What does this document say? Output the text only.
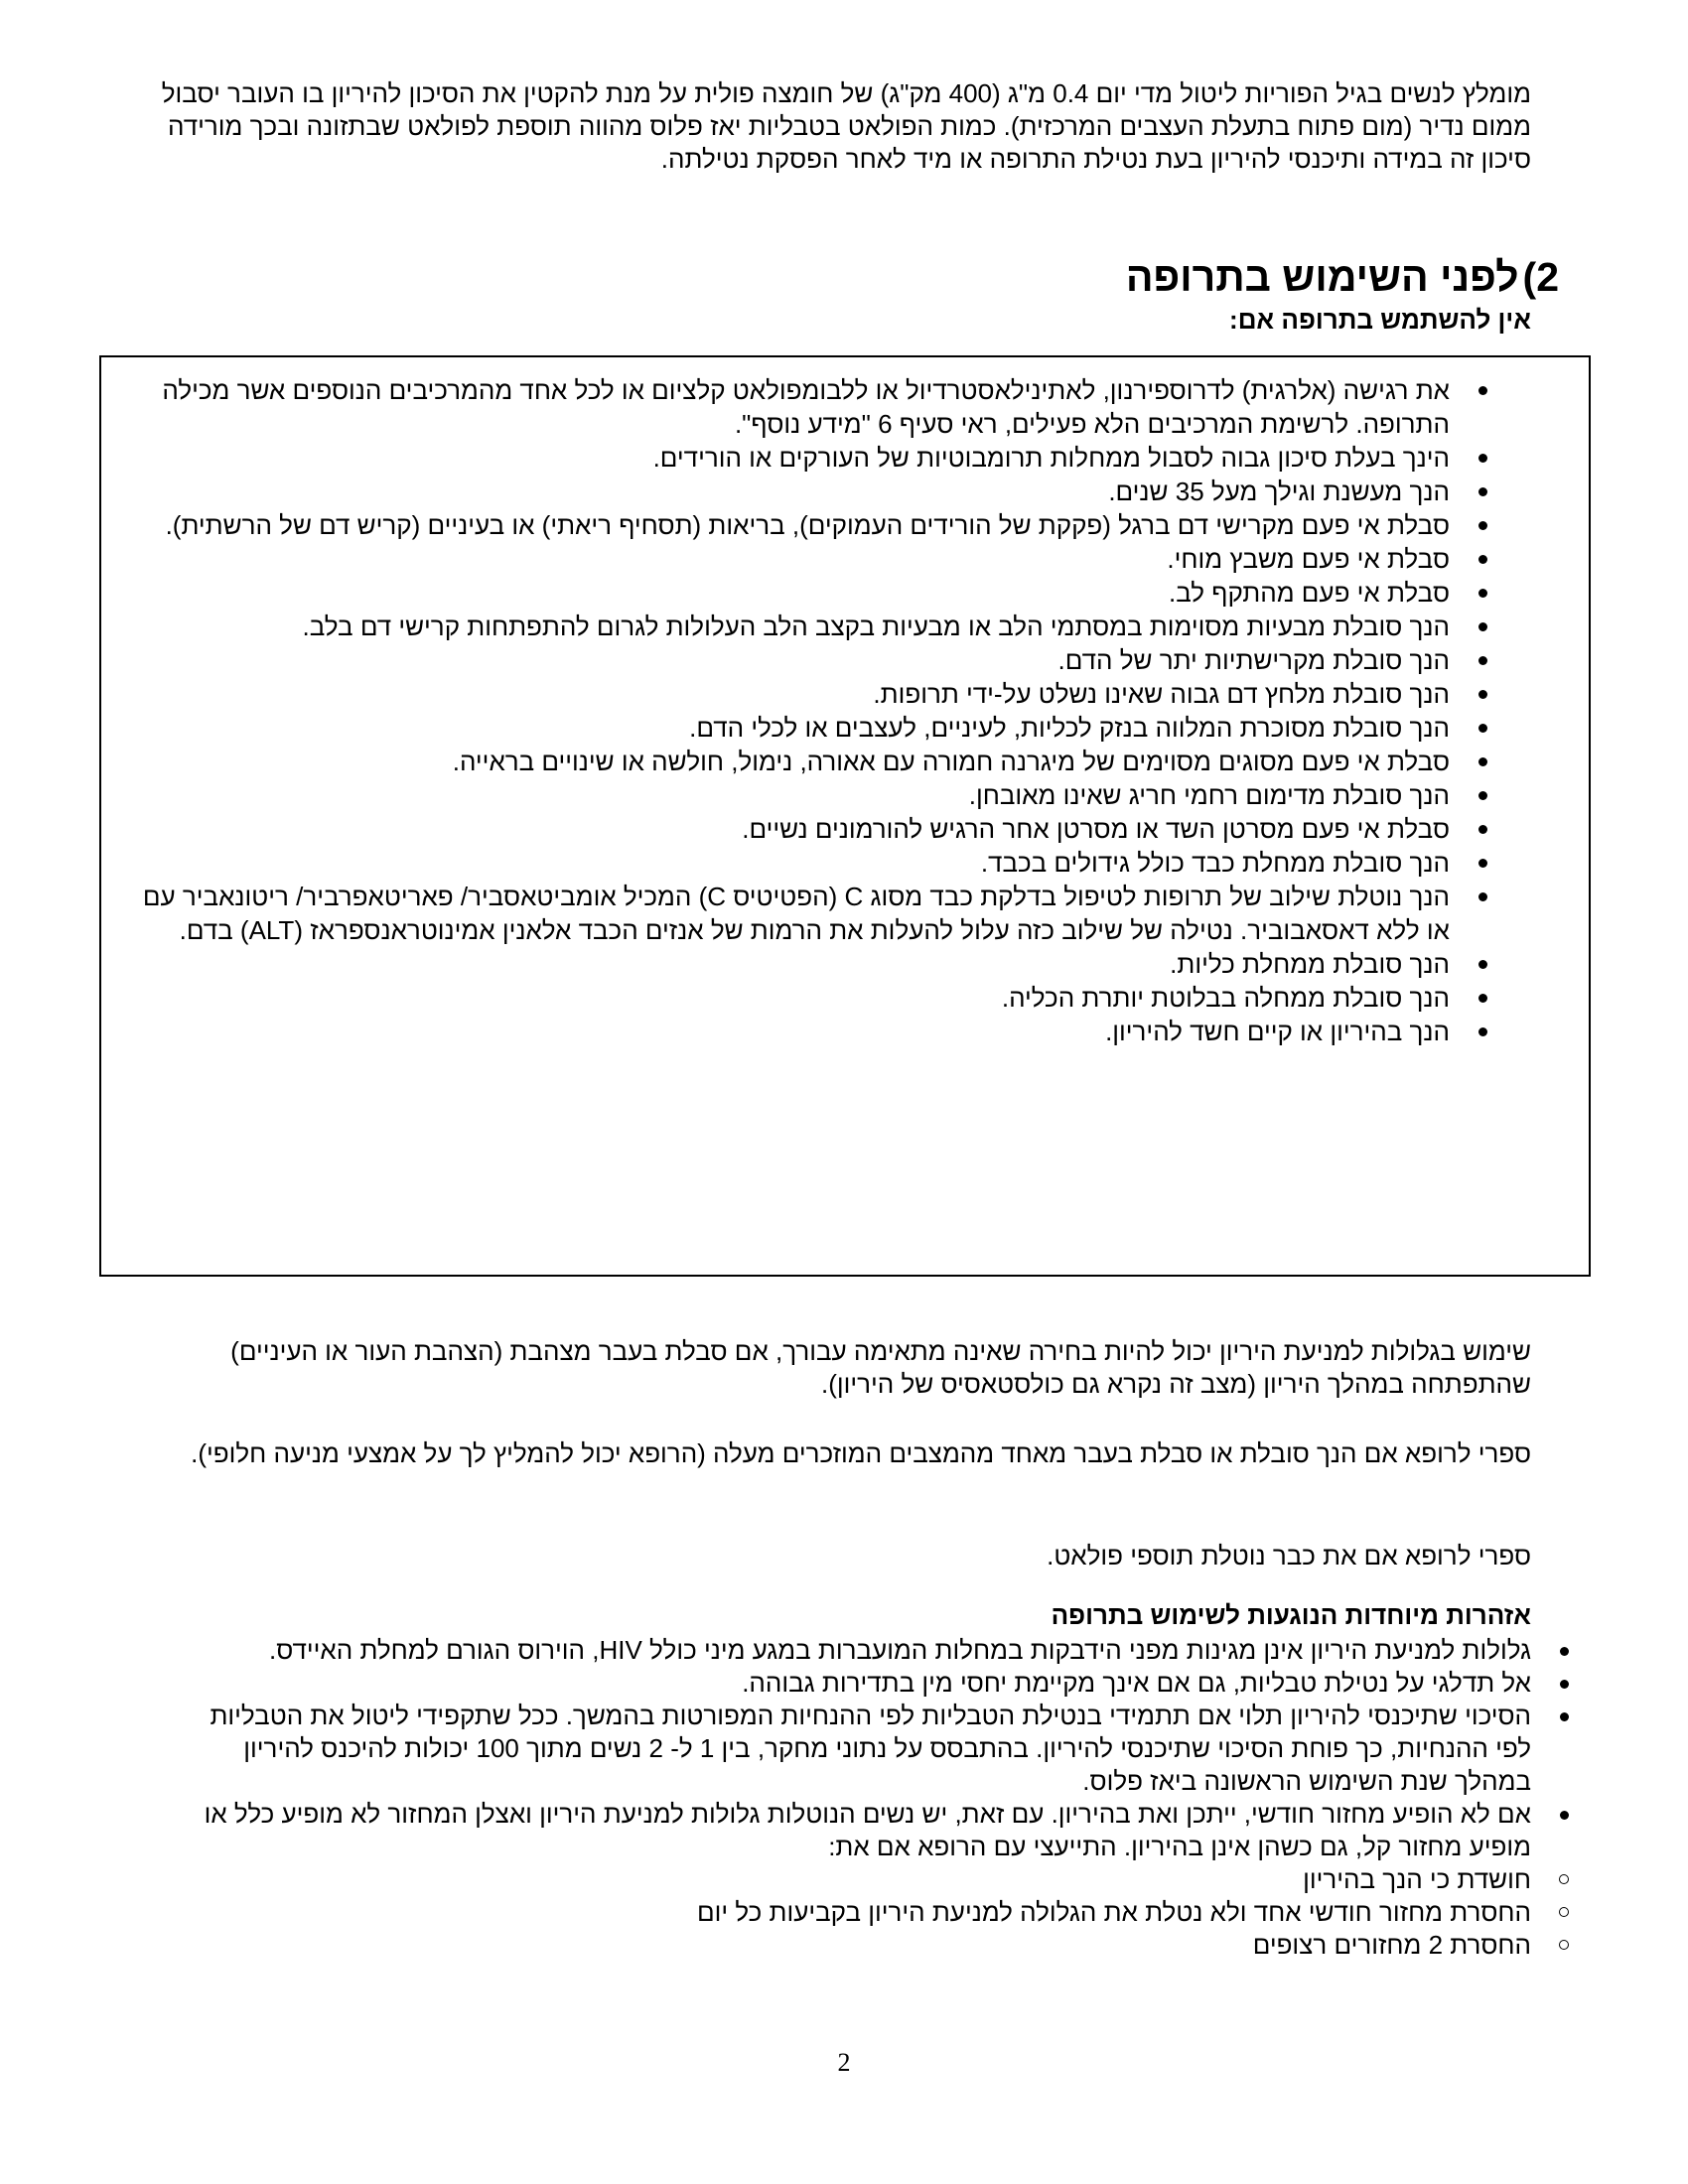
מומלץ לנשים בגיל הפוריות ליטול מדי יום 0.4 מ"ג (400 מק"ג) של חומצה פולית על מנת להקטין את הסיכון להיריון בו העובר יסבול ממום נדיר (מום פתוח בתעלת העצבים המרכזית). כמות הפולאט בטבליות יאז פלוס מהווה תוספת לפולאט שבתזונה ובכך מורידה סיכון זה במידה ותיכנסי להיריון בעת נטילת התרופה או מיד לאחר הפסקת נטילתה.

2)לפני השימוש בתרופה
אין להשתמש בתרופה אם:
את רגישה (אלרגית) לדרוספירנון, לאתינילאסטרדיול או ללבומפולאט קלציום או לכל אחד מהמרכיבים הנוספים אשר מכילה התרופה. לרשימת המרכיבים הלא פעילים, ראי סעיף 6 "מידע נוסף".
הינך בעלת סיכון גבוה לסבול ממחלות תרומבוטיות של העורקים או הורידים.
הנך מעשנת וגילך מעל 35 שנים.
סבלת אי פעם מקרישי דם ברגל (פקקת של הורידים העמוקים), בריאות (תסחיף ריאתי) או בעיניים (קריש דם של הרשתית).
סבלת אי פעם משבץ מוחי.
סבלת אי פעם מהתקף לב.
הנך סובלת מבעיות מסוימות במסתמי הלב או מבעיות בקצב הלב העלולות לגרום להתפתחות קרישי דם בלב.
הנך סובלת מקרישתיות יתר של הדם.
הנך סובלת מלחץ דם גבוה שאינו נשלט על-ידי תרופות.
הנך סובלת מסוכרת המלווה בנזק לכליות, לעיניים, לעצבים או לכלי הדם.
סבלת אי פעם מסוגים מסוימים של מיגרנה חמורה עם אאורה, נימול, חולשה או שינויים בראייה.
הנך סובלת מדימום רחמי חריג שאינו מאובחן.
סבלת אי פעם מסרטן השד או מסרטן אחר הרגיש להורמונים נשיים.
הנך סובלת ממחלת כבד כולל גידולים בכבד.
הנך נוטלת שילוב של תרופות לטיפול בדלקת כבד מסוג C (הפטיטיס C) המכיל אומביטאסביר/ פאריטאפרביר/ ריטונאביר עם או ללא דאסאבוביר. נטילה של שילוב כזה עלול להעלות את הרמות של אנזים הכבד אלאנין אמינוטראנספראז (ALT) בדם.
הנך סובלת ממחלת כליות.
הנך סובלת ממחלה בבלוטת יותרת הכליה.
הנך בהיריון או קיים חשד להיריון.

שימוש בגלולות למניעת היריון יכול להיות בחירה שאינה מתאימה עבורך, אם סבלת בעבר מצהבת (הצהבת העור או העיניים) שהתפתחה במהלך היריון (מצב זה נקרא גם כולסטאסיס של היריון).

ספרי לרופא אם הנך סובלת או סבלת בעבר מאחד מהמצבים המוזכרים מעלה (הרופא יכול להמליץ לך על אמצעי מניעה חלופי).

ספרי לרופא אם את כבר נוטלת תוספי פולאט.

אזהרות מיוחדות הנוגעות לשימוש בתרופה
גלולות למניעת היריון אינן מגינות מפני הידבקות במחלות המועברות במגע מיני כולל HIV, הוירוס הגורם למחלת האיידס.
אל תדלגי על נטילת טבליות, גם אם אינך מקיימת יחסי מין בתדירות גבוהה.
הסיכוי שתיכנסי להיריון תלוי אם תתמידי בנטילת הטבליות לפי ההנחיות המפורטות בהמשך. ככל שתקפידי ליטול את הטבליות לפי ההנחיות, כך פוחת הסיכוי שתיכנסי להיריון. בהתבסס על נתוני מחקר, בין 1 ל- 2 נשים מתוך 100 יכולות להיכנס להיריון במהלך שנת השימוש הראשונה ביאז פלוס.
אם לא הופיע מחזור חודשי, ייתכן ואת בהיריון. עם זאת, יש נשים הנוטלות גלולות למניעת היריון ואצלן המחזור לא מופיע כלל או מופיע מחזור קל, גם כשהן אינן בהיריון. התייעצי עם הרופא אם את:
חושדת כי הנך בהיריון
החסרת מחזור חודשי אחד ולא נטלת את הגלולה למניעת היריון בקביעות כל יום
החסרת 2 מחזורים רצופים
2
